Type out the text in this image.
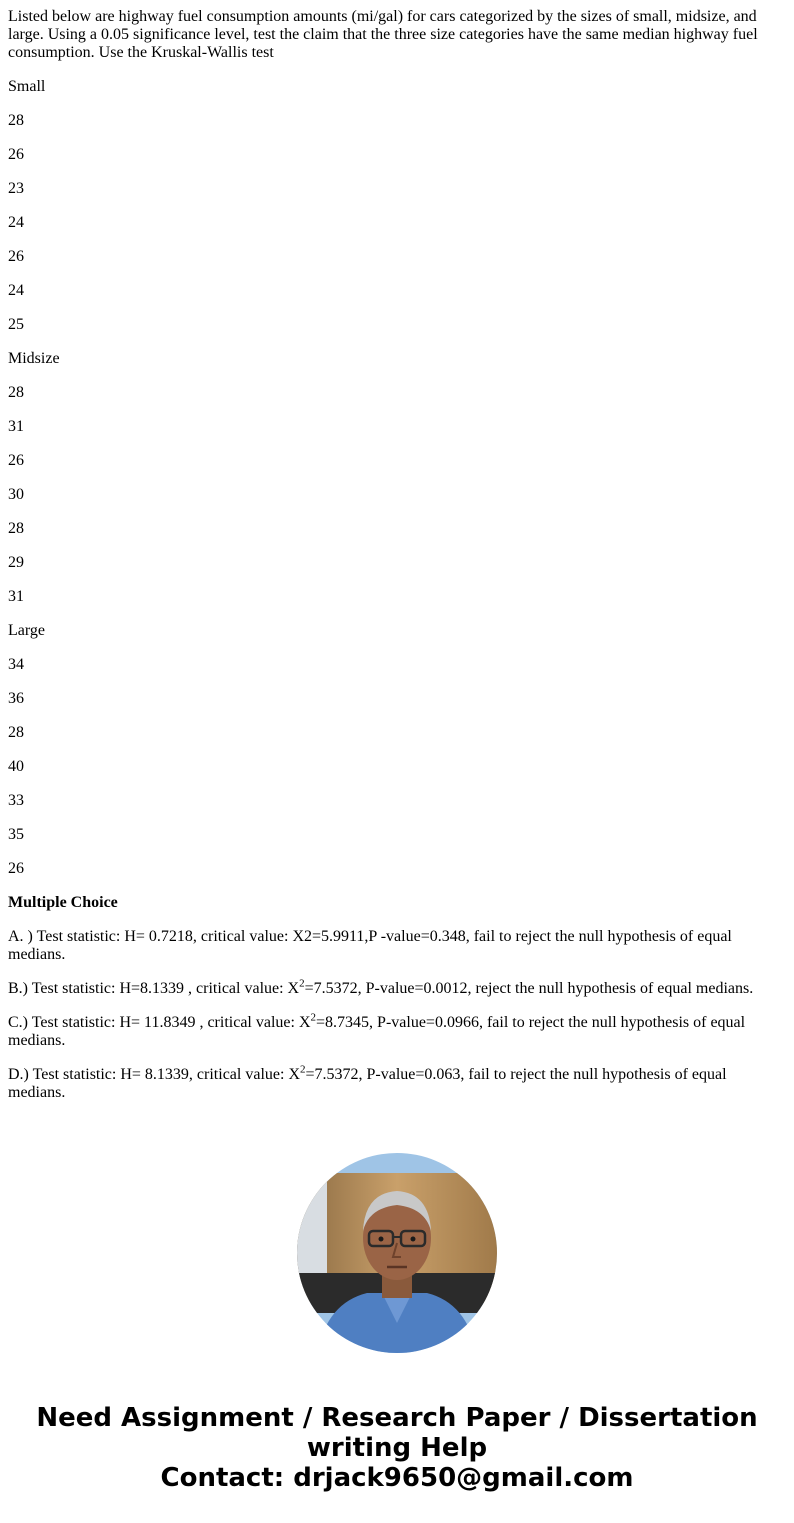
Listed below are highway fuel consumption amounts (mi/gal) for cars categorized by the sizes of small, midsize, and large. Using a 0.05 significance level, test the claim that the three size categories have the same median highway fuel consumption. Use the Kruskal-Wallis test

Small

28

26

23

24

26

24

25

Midsize

28

31

26

30

28

29

31

Large

34

36

28

40

33

35

26

Multiple Choice

A. ) Test statistic: H= 0.7218, critical value: X2=5.9911,P -value=0.348, fail to reject the null hypothesis of equal medians.

B.) Test statistic: H=8.1339 , critical value: $X^2=7.5372$, P-value=0.0012, reject the null hypothesis of equal medians.

C.) Test statistic: H= 11.8349 , critical value: $X^2=8.7345$, P-value=0.0966, fail to reject the null hypothesis of equal medians.

D.) Test statistic: H= 8.1339, critical value: $X^2=7.5372$, P-value=0.063, fail to reject the null hypothesis of equal medians.

Need Assignment / Research Paper / Dissertation
writing Help
Contact: drjack9650@gmail.com
